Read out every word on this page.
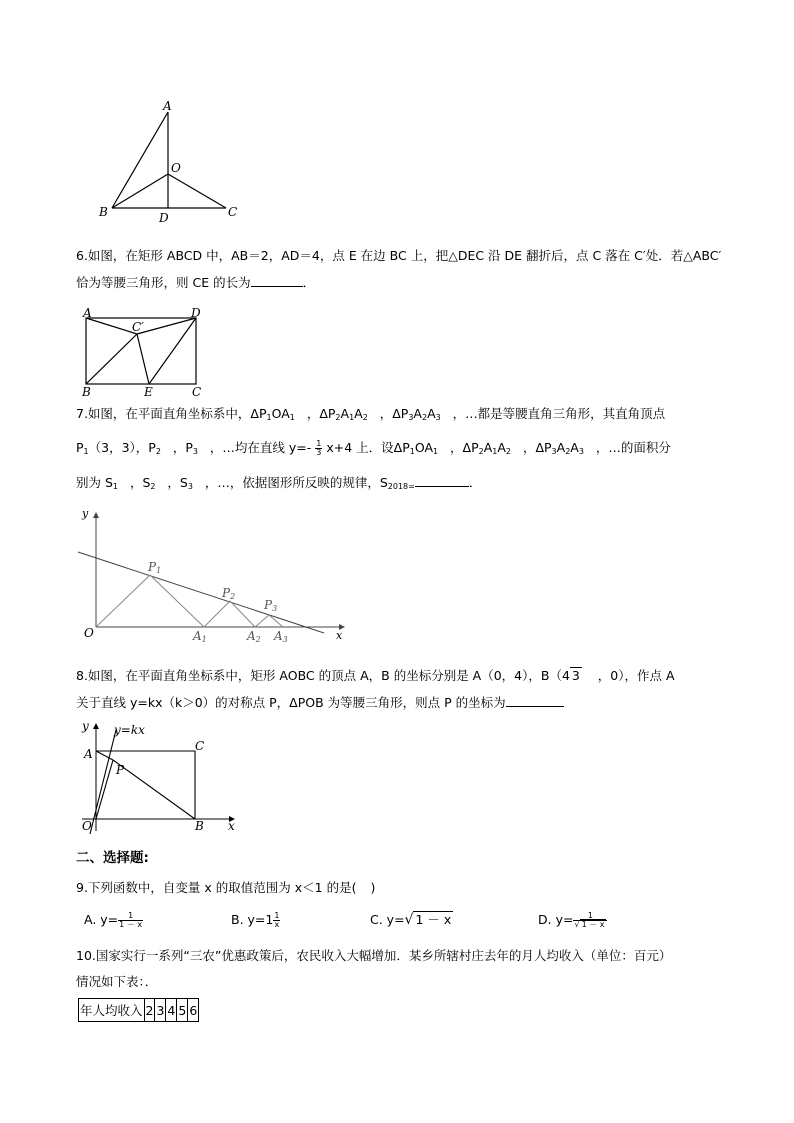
A
O
B	D	C
6.如图，在矩形 ABCD 中，AB＝2，AD＝4，点 E 在边 BC 上，把△DEC 沿 DE 翻折后，点 C 落在 C′处．若△ABC′
恰为等腰三角形，则 CE 的长为	．
A
C′
D
B	E	C
7.如图，在平面直角坐标系中，$\Delta P_1OA_1$ ，$\Delta P_2A_1A_2$ ，$\Delta P_3A_2A_3$ ，…都是等腰直角三角形，其直角顶点
$P_1(3$，3），$P_2$ ，$P_3$ ，…均在直线 $y=- \frac{1}{3} x+4$ 上．设$\Delta P_1OA_1$ ，$\Delta P_2A_1A_2$ ，$\Delta P_3A_2A_3$ ，…的面积分
别为 $S_1$ ，$S_2$ ，$S_3$ ，…，依据图形所反映的规律，$S_{2018=}$	．
y
O	x
P1
P2
P3
A1	A2 A3
8.如图，在平面直角坐标系中，矩形 AOBC 的顶点 A，B 的坐标分别是 A（0，4），B（4 3 ，0），作点 A
关于直线 y=kx（k＞0）的对称点 P，ΔPOB 为等腰三角形，则点 P 的坐标为
y y=kx
A
C
P
O	B x
二、选择题:
9.下列函数中，自变量 x 的取值范围为 x＜1 的是( )
A. $y= \frac{1}{1 - x}$	B. $y=1 \frac{1}{x}$	C. y=√ 1 － x	D. $y= \frac{1}{√ 1 - x}$
10.国家实行一系列“三农”优惠政策后，农民收入大幅增加．某乡所辖村庄去年的月人均收入（单位：百元）
情况如下表：．
年人均收入	2	3	4	5	6
